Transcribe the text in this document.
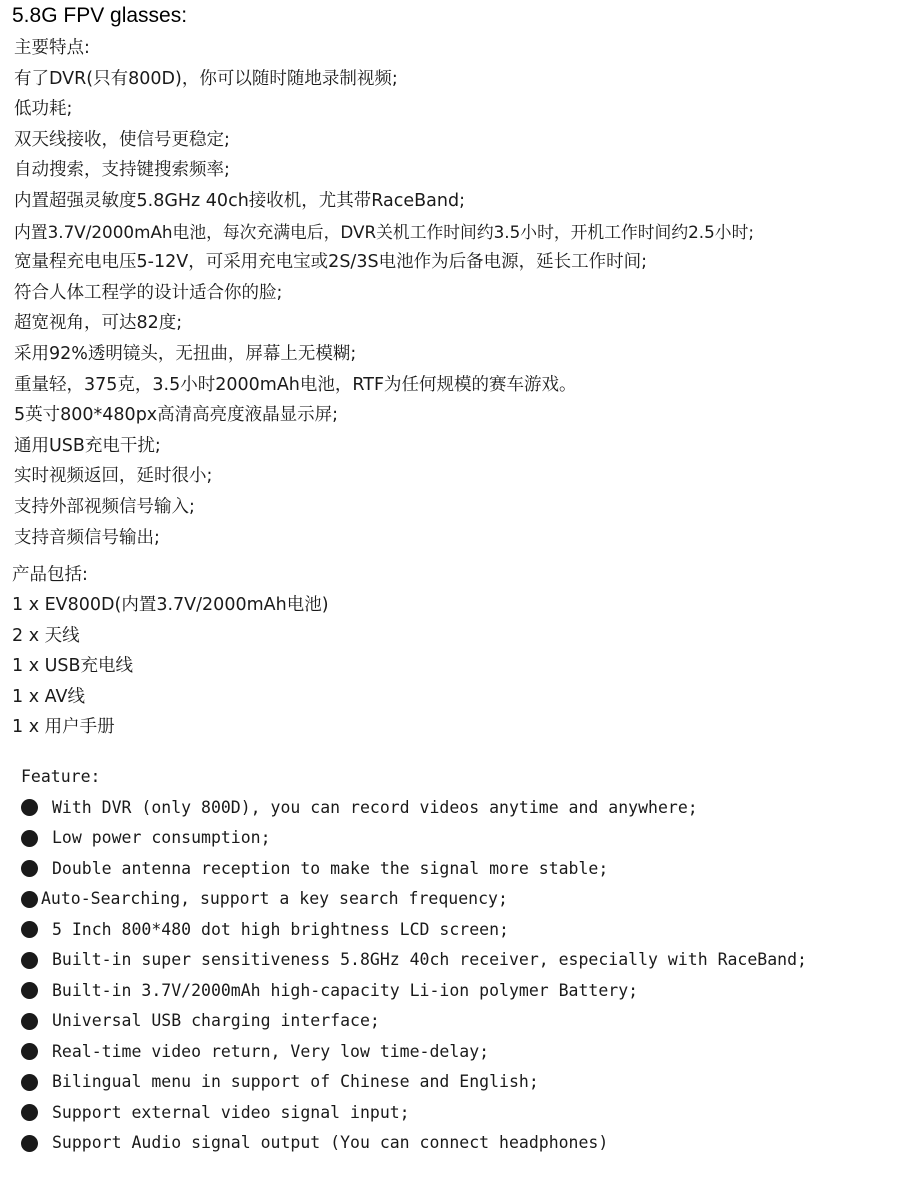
5.8G FPV glasses:
主要特点:
有了DVR(只有800D)，你可以随时随地录制视频;
低功耗;
双天线接收，使信号更稳定;
自动搜索，支持键搜索频率;
内置超强灵敏度5.8GHz 40ch接收机，尤其带RaceBand;
内置3.7V/2000mAh电池，每次充满电后，DVR关机工作时间约3.5小时，开机工作时间约2.5小时;
宽量程充电电压5-12V，可采用充电宝或2S/3S电池作为后备电源，延长工作时间;
符合人体工程学的设计适合你的脸;
超宽视角，可达82度;
采用92%透明镜头，无扭曲，屏幕上无模糊;
重量轻，375克，3.5小时2000mAh电池，RTF为任何规模的赛车游戏。
5英寸800*480px高清高亮度液晶显示屏;
通用USB充电干扰;
实时视频返回，延时很小;
支持外部视频信号输入;
支持音频信号输出;
产品包括:
1 x EV800D(内置3.7V/2000mAh电池)
2 x 天线
1 x USB充电线
1 x AV线
1 x 用户手册
Feature:
With DVR (only 800D), you can record videos anytime and anywhere;
Low power consumption;
Double antenna reception to make the signal more stable;
Auto-Searching, support a key search frequency;
5 Inch 800*480 dot high brightness LCD screen;
Built-in super sensitiveness 5.8GHz 40ch receiver, especially with RaceBand;
Built-in 3.7V/2000mAh high-capacity Li-ion polymer Battery;
Universal USB charging interface;
Real-time video return, Very low time-delay;
Bilingual menu in support of Chinese and English;
Support external video signal input;
Support Audio signal output (You can connect headphones)
